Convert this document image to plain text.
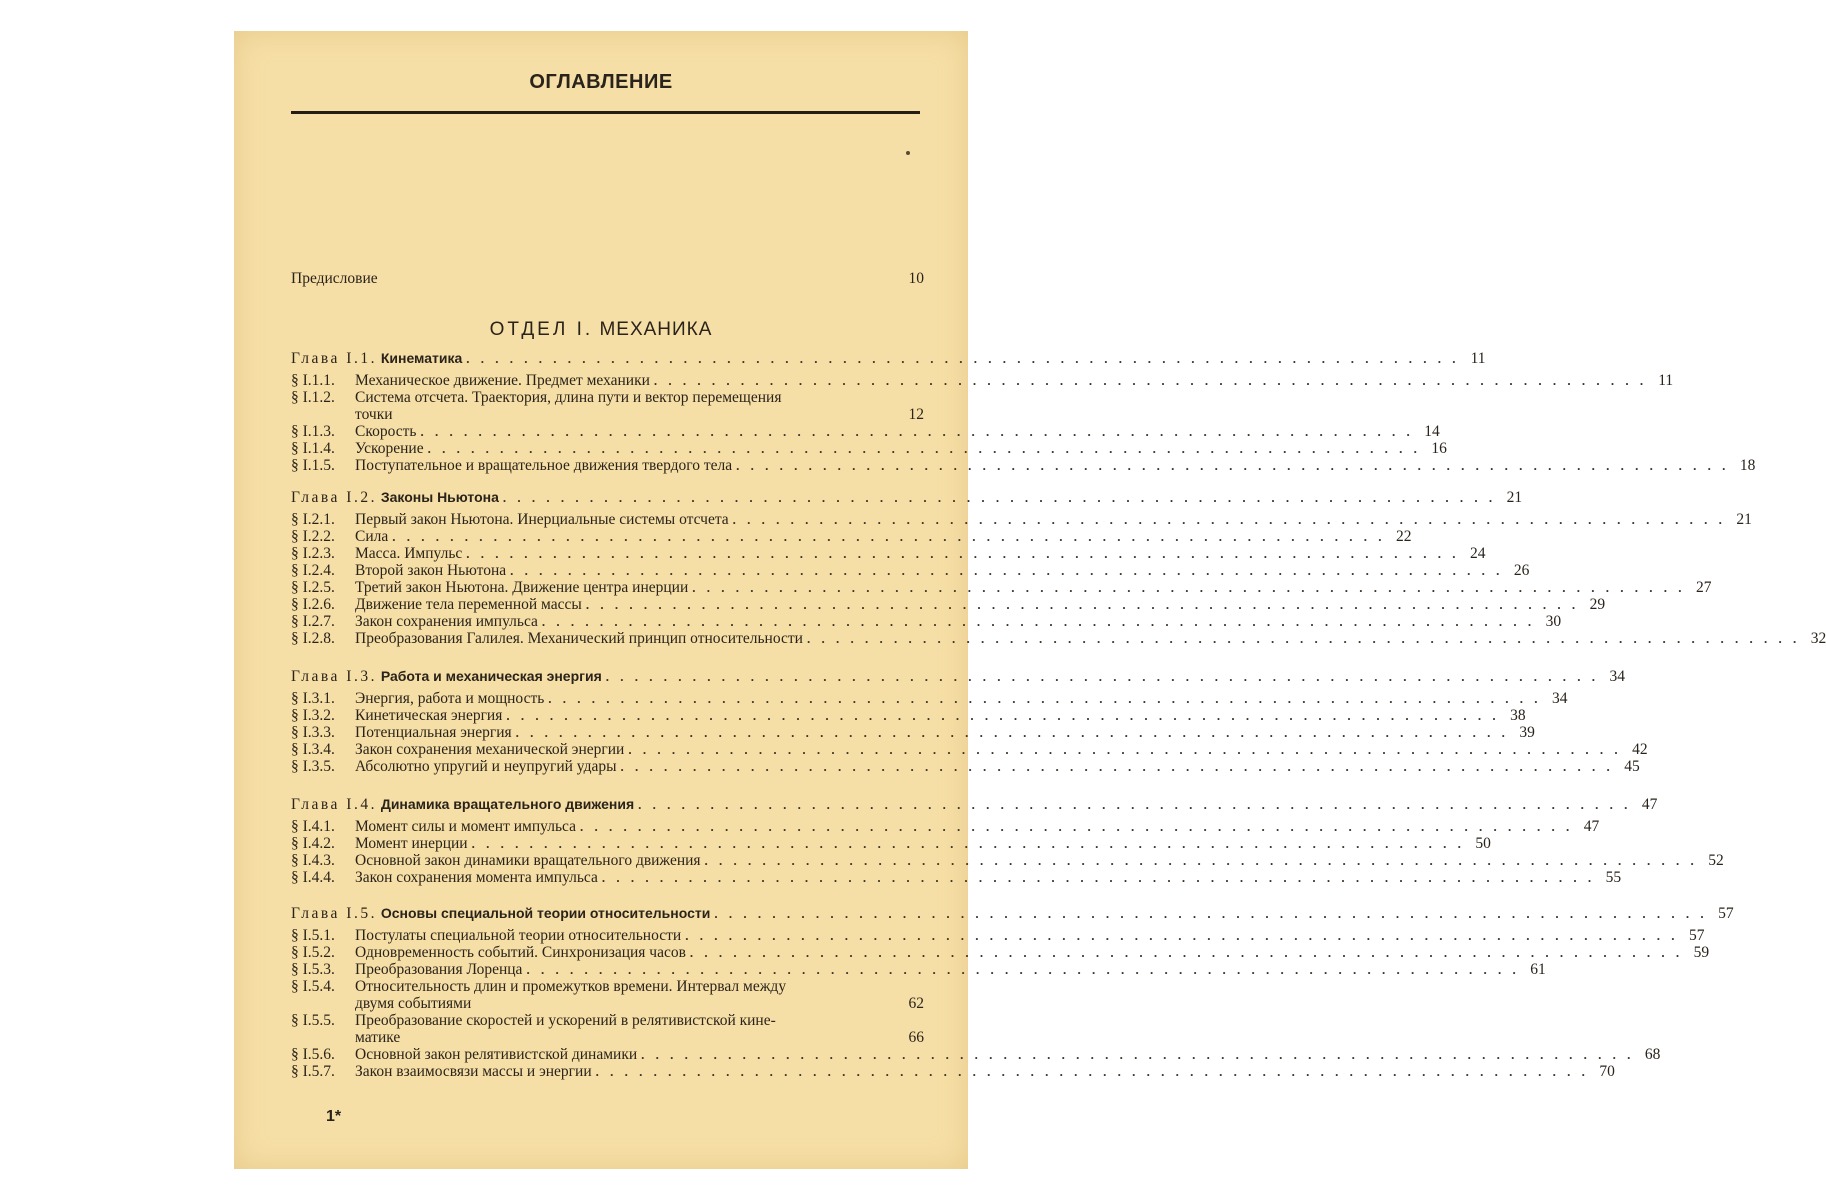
ОГЛАВЛЕНИЕ
Предисловие	10
ОТДЕЛ I. МЕХАНИКА
1*
Глава I.1. Кинематика . . . . . . . . . . . . . . . . . . . . . . . . . . . . . . . . . . . . . . . . . . . . . . . . . . . . . . . . . . . . . . . . . . . . . 11
§ I.1.1.	Механическое движение. Предмет механики . . . . . . . . . . . . . . . . . . . . . . . . . . . . . . . . . . . . . . . . . . . . . . . . . . . . . . . . . . . . . . . . . . . . . 11
§ I.1.2.	Система отсчета. Траектория, длина пути и вектор перемещения
точки	12
§ I.1.3.	Скорость . . . . . . . . . . . . . . . . . . . . . . . . . . . . . . . . . . . . . . . . . . . . . . . . . . . . . . . . . . . . . . . . . . . . . 14
§ I.1.4.	Ускорение . . . . . . . . . . . . . . . . . . . . . . . . . . . . . . . . . . . . . . . . . . . . . . . . . . . . . . . . . . . . . . . . . . . . . 16
§ I.1.5.	Поступательное и вращательное движения твердого тела . . . . . . . . . . . . . . . . . . . . . . . . . . . . . . . . . . . . . . . . . . . . . . . . . . . . . . . . . . . . . . . . . . . . . 18
Глава I.2. Законы Ньютона . . . . . . . . . . . . . . . . . . . . . . . . . . . . . . . . . . . . . . . . . . . . . . . . . . . . . . . . . . . . . . . . . . . . . 21
§ I.2.1.	Первый закон Ньютона. Инерциальные системы отсчета . . . . . . . . . . . . . . . . . . . . . . . . . . . . . . . . . . . . . . . . . . . . . . . . . . . . . . . . . . . . . . . . . . . . . 21
§ I.2.2.	Сила . . . . . . . . . . . . . . . . . . . . . . . . . . . . . . . . . . . . . . . . . . . . . . . . . . . . . . . . . . . . . . . . . . . . . 22
§ I.2.3.	Масса. Импульс . . . . . . . . . . . . . . . . . . . . . . . . . . . . . . . . . . . . . . . . . . . . . . . . . . . . . . . . . . . . . . . . . . . . . 24
§ I.2.4.	Второй закон Ньютона . . . . . . . . . . . . . . . . . . . . . . . . . . . . . . . . . . . . . . . . . . . . . . . . . . . . . . . . . . . . . . . . . . . . . 26
§ I.2.5.	Третий закон Ньютона. Движение центра инерции . . . . . . . . . . . . . . . . . . . . . . . . . . . . . . . . . . . . . . . . . . . . . . . . . . . . . . . . . . . . . . . . . . . . . 27
§ I.2.6.	Движение тела переменной массы . . . . . . . . . . . . . . . . . . . . . . . . . . . . . . . . . . . . . . . . . . . . . . . . . . . . . . . . . . . . . . . . . . . . . 29
§ I.2.7.	Закон сохранения импульса . . . . . . . . . . . . . . . . . . . . . . . . . . . . . . . . . . . . . . . . . . . . . . . . . . . . . . . . . . . . . . . . . . . . . 30
§ I.2.8.	Преобразования Галилея. Механический принцип относительности . . . . . . . . . . . . . . . . . . . . . . . . . . . . . . . . . . . . . . . . . . . . . . . . . . . . . . . . . . . . . . . . . . . . . 32
Глава I.3. Работа и механическая энергия . . . . . . . . . . . . . . . . . . . . . . . . . . . . . . . . . . . . . . . . . . . . . . . . . . . . . . . . . . . . . . . . . . . . . 34
§ I.3.1.	Энергия, работа и мощность . . . . . . . . . . . . . . . . . . . . . . . . . . . . . . . . . . . . . . . . . . . . . . . . . . . . . . . . . . . . . . . . . . . . . 34
§ I.3.2.	Кинетическая энергия . . . . . . . . . . . . . . . . . . . . . . . . . . . . . . . . . . . . . . . . . . . . . . . . . . . . . . . . . . . . . . . . . . . . . 38
§ I.3.3.	Потенциальная энергия . . . . . . . . . . . . . . . . . . . . . . . . . . . . . . . . . . . . . . . . . . . . . . . . . . . . . . . . . . . . . . . . . . . . . 39
§ I.3.4.	Закон сохранения механической энергии . . . . . . . . . . . . . . . . . . . . . . . . . . . . . . . . . . . . . . . . . . . . . . . . . . . . . . . . . . . . . . . . . . . . . 42
§ I.3.5.	Абсолютно упругий и неупругий удары . . . . . . . . . . . . . . . . . . . . . . . . . . . . . . . . . . . . . . . . . . . . . . . . . . . . . . . . . . . . . . . . . . . . . 45
Глава I.4. Динамика вращательного движения . . . . . . . . . . . . . . . . . . . . . . . . . . . . . . . . . . . . . . . . . . . . . . . . . . . . . . . . . . . . . . . . . . . . . 47
§ I.4.1.	Момент силы и момент импульса . . . . . . . . . . . . . . . . . . . . . . . . . . . . . . . . . . . . . . . . . . . . . . . . . . . . . . . . . . . . . . . . . . . . . 47
§ I.4.2.	Момент инерции . . . . . . . . . . . . . . . . . . . . . . . . . . . . . . . . . . . . . . . . . . . . . . . . . . . . . . . . . . . . . . . . . . . . . 50
§ I.4.3.	Основной закон динамики вращательного движения . . . . . . . . . . . . . . . . . . . . . . . . . . . . . . . . . . . . . . . . . . . . . . . . . . . . . . . . . . . . . . . . . . . . . 52
§ I.4.4.	Закон сохранения момента импульса . . . . . . . . . . . . . . . . . . . . . . . . . . . . . . . . . . . . . . . . . . . . . . . . . . . . . . . . . . . . . . . . . . . . . 55
Глава I.5. Основы специальной теории относительности . . . . . . . . . . . . . . . . . . . . . . . . . . . . . . . . . . . . . . . . . . . . . . . . . . . . . . . . . . . . . . . . . . . . . 57
§ I.5.1.	Постулаты специальной теории относительности . . . . . . . . . . . . . . . . . . . . . . . . . . . . . . . . . . . . . . . . . . . . . . . . . . . . . . . . . . . . . . . . . . . . . 57
§ I.5.2.	Одновременность событий. Синхронизация часов . . . . . . . . . . . . . . . . . . . . . . . . . . . . . . . . . . . . . . . . . . . . . . . . . . . . . . . . . . . . . . . . . . . . . 59
§ I.5.3.	Преобразования Лоренца . . . . . . . . . . . . . . . . . . . . . . . . . . . . . . . . . . . . . . . . . . . . . . . . . . . . . . . . . . . . . . . . . . . . . 61
§ I.5.4.	Относительность длин и промежутков времени. Интервал между
двумя событиями	62
§ I.5.5.	Преобразование скоростей и ускорений в релятивистской кине-
матике	66
§ I.5.6.	Основной закон релятивистской динамики . . . . . . . . . . . . . . . . . . . . . . . . . . . . . . . . . . . . . . . . . . . . . . . . . . . . . . . . . . . . . . . . . . . . . 68
§ I.5.7.	Закон взаимосвязи массы и энергии . . . . . . . . . . . . . . . . . . . . . . . . . . . . . . . . . . . . . . . . . . . . . . . . . . . . . . . . . . . . . . . . . . . . . 70
